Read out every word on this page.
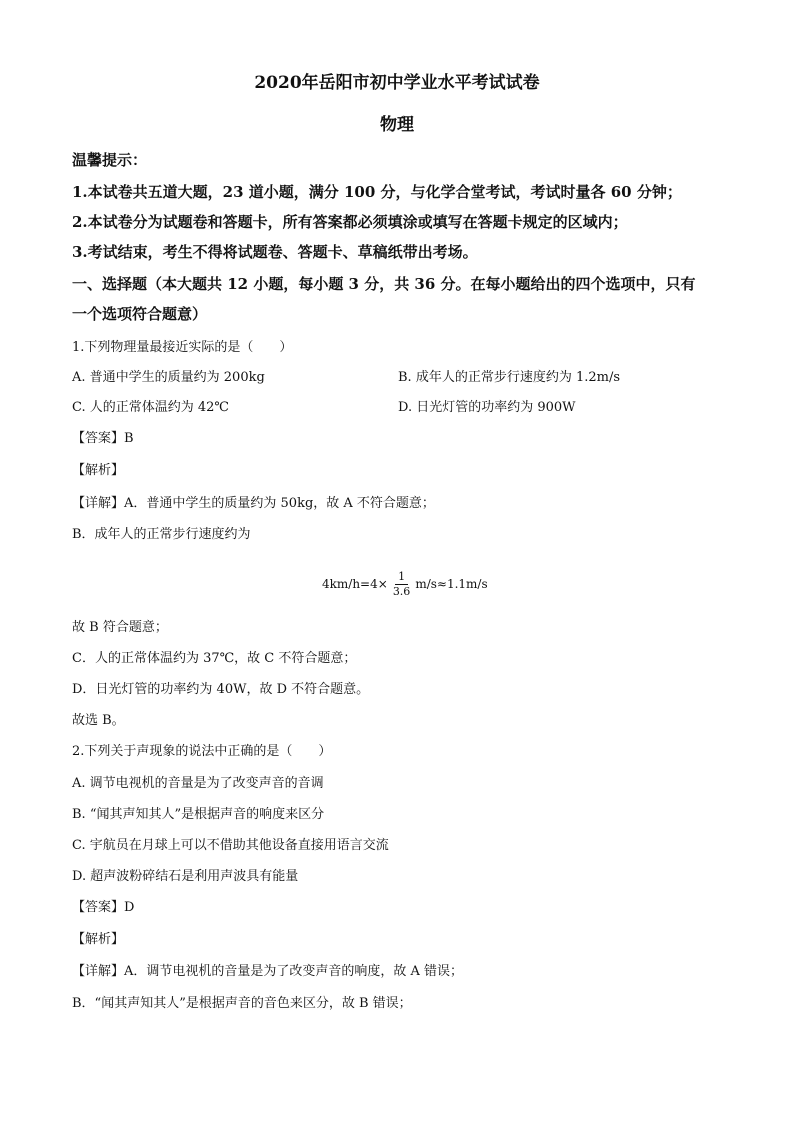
2020年岳阳市初中学业水平考试试卷
物理
温馨提示：
1.本试卷共五道大题，23 道小题，满分 100 分，与化学合堂考试，考试时量各 60 分钟；
2.本试卷分为试题卷和答题卡，所有答案都必须填涂或填写在答题卡规定的区域内；
3.考试结束，考生不得将试题卷、答题卡、草稿纸带出考场。
一、选择题（本大题共 12 小题，每小题 3 分，共 36 分。在每小题给出的四个选项中，只有
一个选项符合题意）
1.下列物理量最接近实际的是（　　）
A. 普通中学生的质量约为 200kg	B. 成年人的正常步行速度约为 1.2m/s
C. 人的正常体温约为 42℃	D. 日光灯管的功率约为 900W
【答案】B
【解析】
【详解】A．普通中学生的质量约为 50kg，故 A 不符合题意；
B．成年人的正常步行速度约为
$4km/h=4\times \frac{1}{3.6} m/s\approx 1.1m/s$
故 B 符合题意；
C．人的正常体温约为 37℃，故 C 不符合题意；
D．日光灯管的功率约为 40W，故 D 不符合题意。
故选 B。
2.下列关于声现象的说法中正确的是（　　）
A. 调节电视机的音量是为了改变声音的音调
B. “闻其声知其人”是根据声音的响度来区分
C. 宇航员在月球上可以不借助其他设备直接用语言交流
D. 超声波粉碎结石是利用声波具有能量
【答案】D
【解析】
【详解】A．调节电视机的音量是为了改变声音的响度，故 A 错误；
B．“闻其声知其人”是根据声音的音色来区分，故 B 错误；
